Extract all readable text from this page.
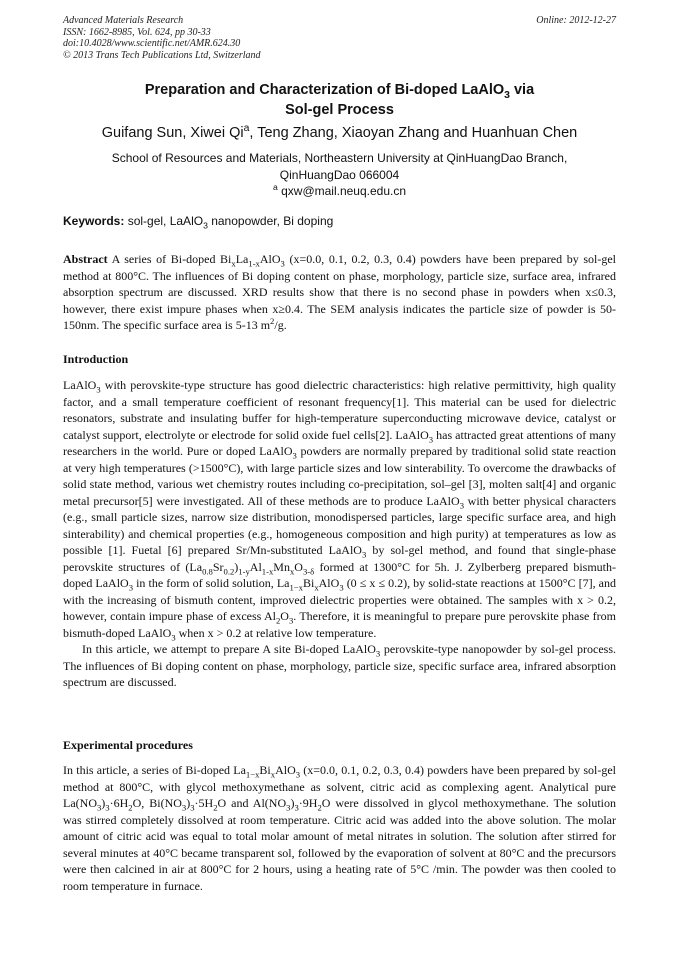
Advanced Materials Research
ISSN: 1662-8985, Vol. 624, pp 30-33
doi:10.4028/www.scientific.net/AMR.624.30
© 2013 Trans Tech Publications Ltd, Switzerland
Online: 2012-12-27
Preparation and Characterization of Bi-doped LaAlO$_3$ via
Sol-gel Process
Guifang Sun, Xiwei Qi$^a$, Teng Zhang, Xiaoyan Zhang and Huanhuan Chen
School of Resources and Materials, Northeastern University at QinHuangDao Branch,
QinHuangDao 066004
$^a$ qxw@mail.neuq.edu.cn
Keywords: sol-gel, LaAlO$_3$ nanopowder, Bi doping
Abstract A series of Bi-doped $Bi_xLa_{1-x}AlO_3$ (x=0.0, 0.1, 0.2, 0.3, 0.4) powders have been prepared by sol-gel method at 800°C. The influences of Bi doping content on phase, morphology, particle size, surface area, infrared absorption spectrum are discussed. XRD results show that there is no second phase in powders when x≤0.3, however, there exist impure phases when x≥0.4. The SEM analysis indicates the particle size of powder is 50-150nm. The specific surface area is 5-13 $m^2/g$.
Introduction

LaAlO$_3$ with perovskite-type structure has good dielectric characteristics: high relative permittivity, high quality factor, and a small temperature coefficient of resonant frequency[1]. This material can be used for dielectric resonators, substrate and insulating buffer for high-temperature superconducting microwave device, catalyst or catalyst support, electrolyte or electrode for solid oxide fuel cells[2]. LaAlO$_3$ has attracted great attentions of many researchers in the world. Pure or doped LaAlO$_3$ powders are normally prepared by traditional solid state reaction at very high temperatures (>1500°C), with large particle sizes and low sinterability. To overcome the drawbacks of solid state method, various wet chemistry routes including co-precipitation, sol–gel [3], molten salt[4] and organic metal precursor[5] were investigated. All of these methods are to produce LaAlO$_3$ with better physical characters (e.g., small particle sizes, narrow size distribution, monodispersed particles, large specific surface area, and high sinterability) and chemical properties (e.g., homogeneous composition and high purity) at temperatures as low as possible [1]. Fuetal [6] prepared Sr/Mn-substituted LaAlO$_3$ by sol-gel method, and found that single-phase perovskite structures of $(La_{0.8}Sr_{0.2})_{1-y}Al_{1-x}Mn_xO_{3-\delta}$ formed at 1300°C for 5h. J. Zylberberg prepared bismuth-doped LaAlO$_3$ in the form of solid solution, $La_{1-x}Bi_xAlO_3$ (0 ≤ x ≤ 0.2), by solid-state reactions at 1500°C [7], and with the increasing of bismuth content, improved dielectric properties were obtained. The samples with x > 0.2, however, contain impure phase of excess $Al_2O_3$. Therefore, it is meaningful to prepare pure perovskite phase from bismuth-doped LaAlO$_3$ when x > 0.2 at relative low temperature.

In this article, we attempt to prepare A site Bi-doped LaAlO$_3$ perovskite-type nanopowder by sol-gel process. The influences of Bi doping content on phase, morphology, particle size, specific surface area, infrared absorption spectrum are discussed.

Experimental procedures

In this article, a series of Bi-doped $La_{1-x}Bi_xAlO_3$ (x=0.0, 0.1, 0.2, 0.3, 0.4) powders have been prepared by sol-gel method at 800°C, with glycol methoxymethane as solvent, citric acid as complexing agent. Analytical pure $La(NO_3)_3\cdot 6H_2O$, $Bi(NO_3)_3\cdot 5H_2O$ and $Al(NO_3)_3\cdot 9H_2O$ were dissolved in glycol methoxymethane. The solution was stirred completely dissolved at room temperature. Citric acid was added into the above solution. The molar amount of citric acid was equal to total molar amount of metal nitrates in solution. The solution after stirred for several minutes at 40°C became transparent sol, followed by the evaporation of solvent at 80°C and the precursors were then calcined in air at 800°C for 2 hours, using a heating rate of 5°C /min. The powder was then cooled to room temperature in furnace.
